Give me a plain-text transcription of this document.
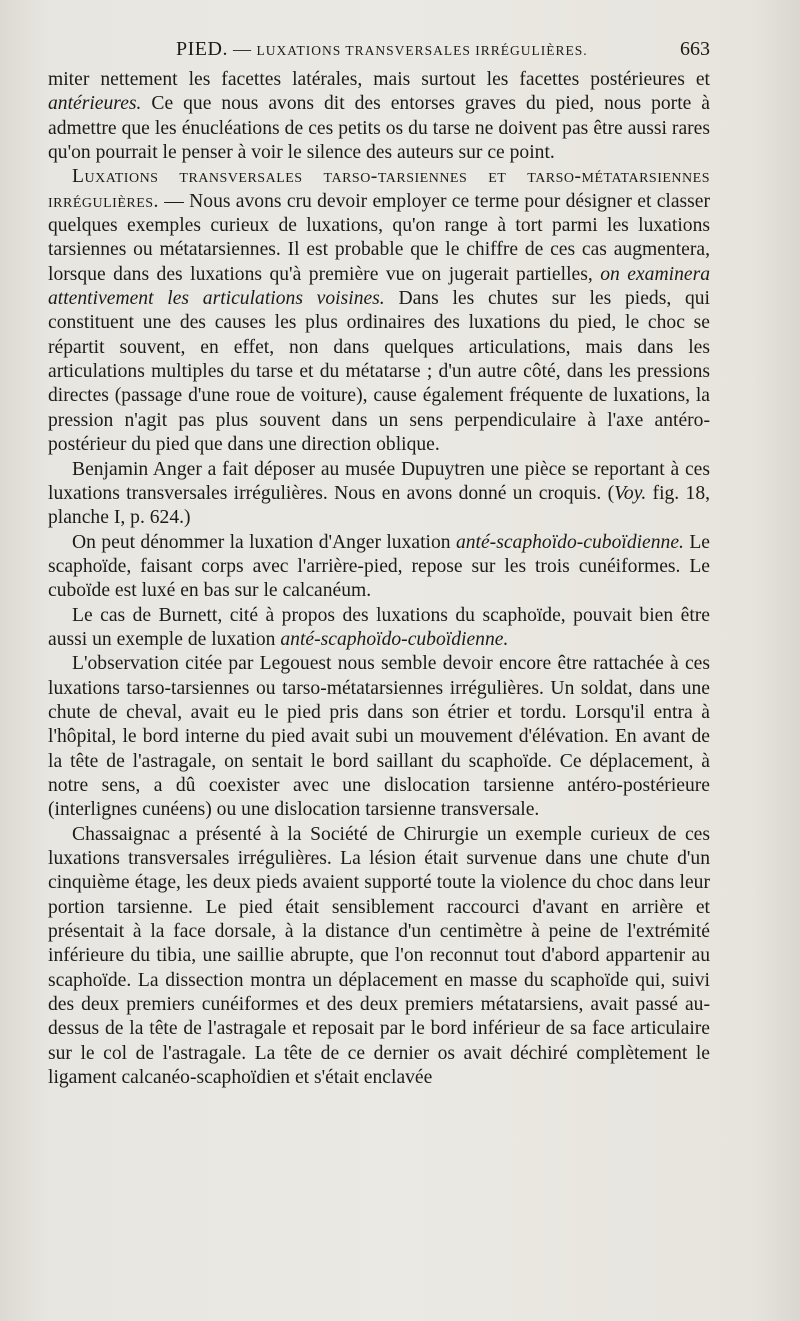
PIED. — LUXATIONS TRANSVERSALES IRRÉGULIÈRES.	663

miter nettement les facettes latérales, mais surtout les facettes postérieures et antérieures. Ce que nous avons dit des entorses graves du pied, nous porte à admettre que les énucléations de ces petits os du tarse ne doivent pas être aussi rares qu'on pourrait le penser à voir le silence des auteurs sur ce point.

Luxations transversales tarso-tarsiennes et tarso-métatarsiennes irrégulières. — Nous avons cru devoir employer ce terme pour désigner et classer quelques exemples curieux de luxations, qu'on range à tort parmi les luxations tarsiennes ou métatarsiennes. Il est probable que le chiffre de ces cas augmentera, lorsque dans des luxations qu'à première vue on jugerait partielles, on examinera attentivement les articulations voisines. Dans les chutes sur les pieds, qui constituent une des causes les plus ordinaires des luxations du pied, le choc se répartit souvent, en effet, non dans quelques articulations, mais dans les articulations multiples du tarse et du métatarse ; d'un autre côté, dans les pressions directes (passage d'une roue de voiture), cause également fréquente de luxations, la pression n'agit pas plus souvent dans un sens perpendiculaire à l'axe antéro-postérieur du pied que dans une direction oblique.

Benjamin Anger a fait déposer au musée Dupuytren une pièce se reportant à ces luxations transversales irrégulières. Nous en avons donné un croquis. (Voy. fig. 18, planche I, p. 624.)

On peut dénommer la luxation d'Anger luxation anté-scaphoïdo-cuboïdienne. Le scaphoïde, faisant corps avec l'arrière-pied, repose sur les trois cunéiformes. Le cuboïde est luxé en bas sur le calcanéum.

Le cas de Burnett, cité à propos des luxations du scaphoïde, pouvait bien être aussi un exemple de luxation anté-scaphoïdo-cuboïdienne.

L'observation citée par Legouest nous semble devoir encore être rattachée à ces luxations tarso-tarsiennes ou tarso-métatarsiennes irrégulières. Un soldat, dans une chute de cheval, avait eu le pied pris dans son étrier et tordu. Lorsqu'il entra à l'hôpital, le bord interne du pied avait subi un mouvement d'élévation. En avant de la tête de l'astragale, on sentait le bord saillant du scaphoïde. Ce déplacement, à notre sens, a dû coexister avec une dislocation tarsienne antéro-postérieure (interlignes cunéens) ou une dislocation tarsienne transversale.

Chassaignac a présenté à la Société de Chirurgie un exemple curieux de ces luxations transversales irrégulières. La lésion était survenue dans une chute d'un cinquième étage, les deux pieds avaient supporté toute la violence du choc dans leur portion tarsienne. Le pied était sensiblement raccourci d'avant en arrière et présentait à la face dorsale, à la distance d'un centimètre à peine de l'extrémité inférieure du tibia, une saillie abrupte, que l'on reconnut tout d'abord appartenir au scaphoïde. La dissection montra un déplacement en masse du scaphoïde qui, suivi des deux premiers cunéiformes et des deux premiers métatarsiens, avait passé au-dessus de la tête de l'astragale et reposait par le bord inférieur de sa face articulaire sur le col de l'astragale. La tête de ce dernier os avait déchiré complètement le ligament calcanéo-scaphoïdien et s'était enclavée
